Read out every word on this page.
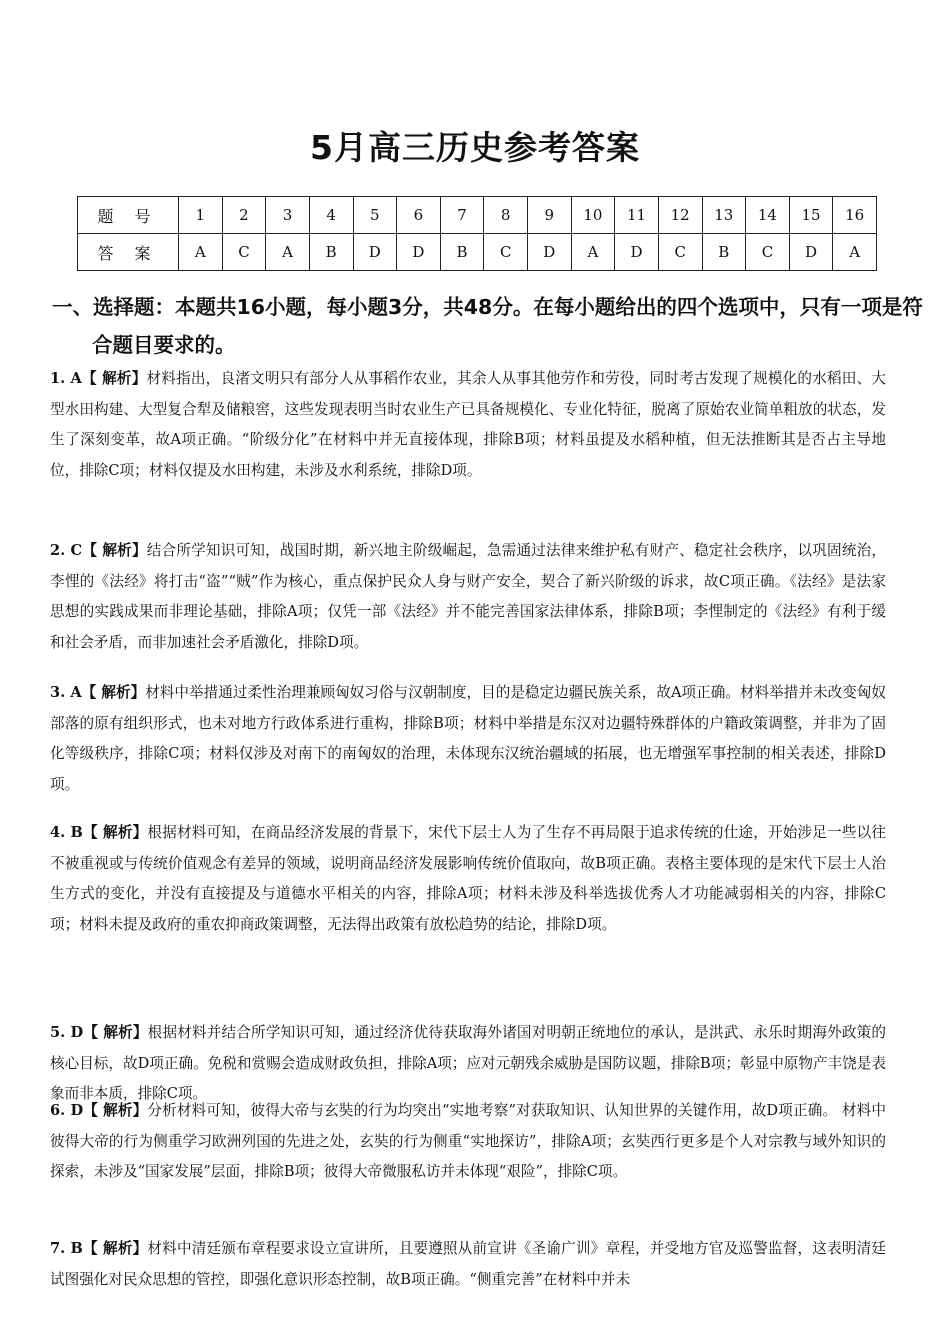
5月高三历史参考答案
题 号	1	2	3	4	5	6	7	8	9	10	11	12	13	14	15	16
答 案	A	C	A	B	D	D	B	C	D	A	D	C	B	C	D	A

一、选择题：本题共16小题，每小题3分，共48分。在每小题给出的四个选项中，只有一项是符合题目要求的。

1. A【 解析】材料指出，良渚文明只有部分人从事稻作农业，其余人从事其他劳作和劳役，同时考古发现了规模化的水稻田、大型水田构建、大型复合犁及储粮窖，这些发现表明当时农业生产已具备规模化、专业化特征，脱离了原始农业简单粗放的状态，发生了深刻变革，故A项正确。“阶级分化”在材料中并无直接体现，排除B项；材料虽提及水稻种植，但无法推断其是否占主导地位，排除C项；材料仅提及水田构建，未涉及水利系统，排除D项。

2. C【 解析】结合所学知识可知，战国时期，新兴地主阶级崛起，急需通过法律来维护私有财产、稳定社会秩序，以巩固统治，李悝的《法经》将打击“盗”“贼”作为核心，重点保护民众人身与财产安全，契合了新兴阶级的诉求，故C项正确。《法经》是法家思想的实践成果而非理论基础，排除A项；仅凭一部《法经》并不能完善国家法律体系，排除B项；李悝制定的《法经》有利于缓和社会矛盾，而非加速社会矛盾激化，排除D项。

3. A【 解析】材料中举措通过柔性治理兼顾匈奴习俗与汉朝制度，目的是稳定边疆民族关系，故A项正确。材料举措并未改变匈奴部落的原有组织形式，也未对地方行政体系进行重构，排除B项；材料中举措是东汉对边疆特殊群体的户籍政策调整，并非为了固化等级秩序，排除C项；材料仅涉及对南下的南匈奴的治理，未体现东汉统治疆域的拓展，也无增强军事控制的相关表述，排除D项。

4. B【 解析】根据材料可知，在商品经济发展的背景下，宋代下层士人为了生存不再局限于追求传统的仕途，开始涉足一些以往不被重视或与传统价值观念有差异的领域，说明商品经济发展影响传统价值取向，故B项正确。表格主要体现的是宋代下层士人治生方式的变化，并没有直接提及与道德水平相关的内容，排除A项；材料未涉及科举选拔优秀人才功能减弱相关的内容，排除C项；材料未提及政府的重农抑商政策调整，无法得出政策有放松趋势的结论，排除D项。

5. D【 解析】根据材料并结合所学知识可知，通过经济优待获取海外诸国对明朝正统地位的承认，是洪武、永乐时期海外政策的核心目标，故D项正确。免税和赏赐会造成财政负担，排除A项；应对元朝残余威胁是国防议题，排除B项；彰显中原物产丰饶是表象而非本质，排除C项。

6. D【 解析】分析材料可知，彼得大帝与玄奘的行为均突出“实地考察”对获取知识、认知世界的关键作用，故D项正确。 材料中彼得大帝的行为侧重学习欧洲列国的先进之处，玄奘的行为侧重“实地探访”，排除A项；玄奘西行更多是个人对宗教与域外知识的探索，未涉及“国家发展”层面，排除B项；彼得大帝微服私访并未体现“艰险”，排除C项。

7. B【 解析】材料中清廷颁布章程要求设立宣讲所，且要遵照从前宣讲《圣谕广训》章程，并受地方官及巡警监督，这表明清廷试图强化对民众思想的管控，即强化意识形态控制，故B项正确。“侧重完善”在材料中并未
